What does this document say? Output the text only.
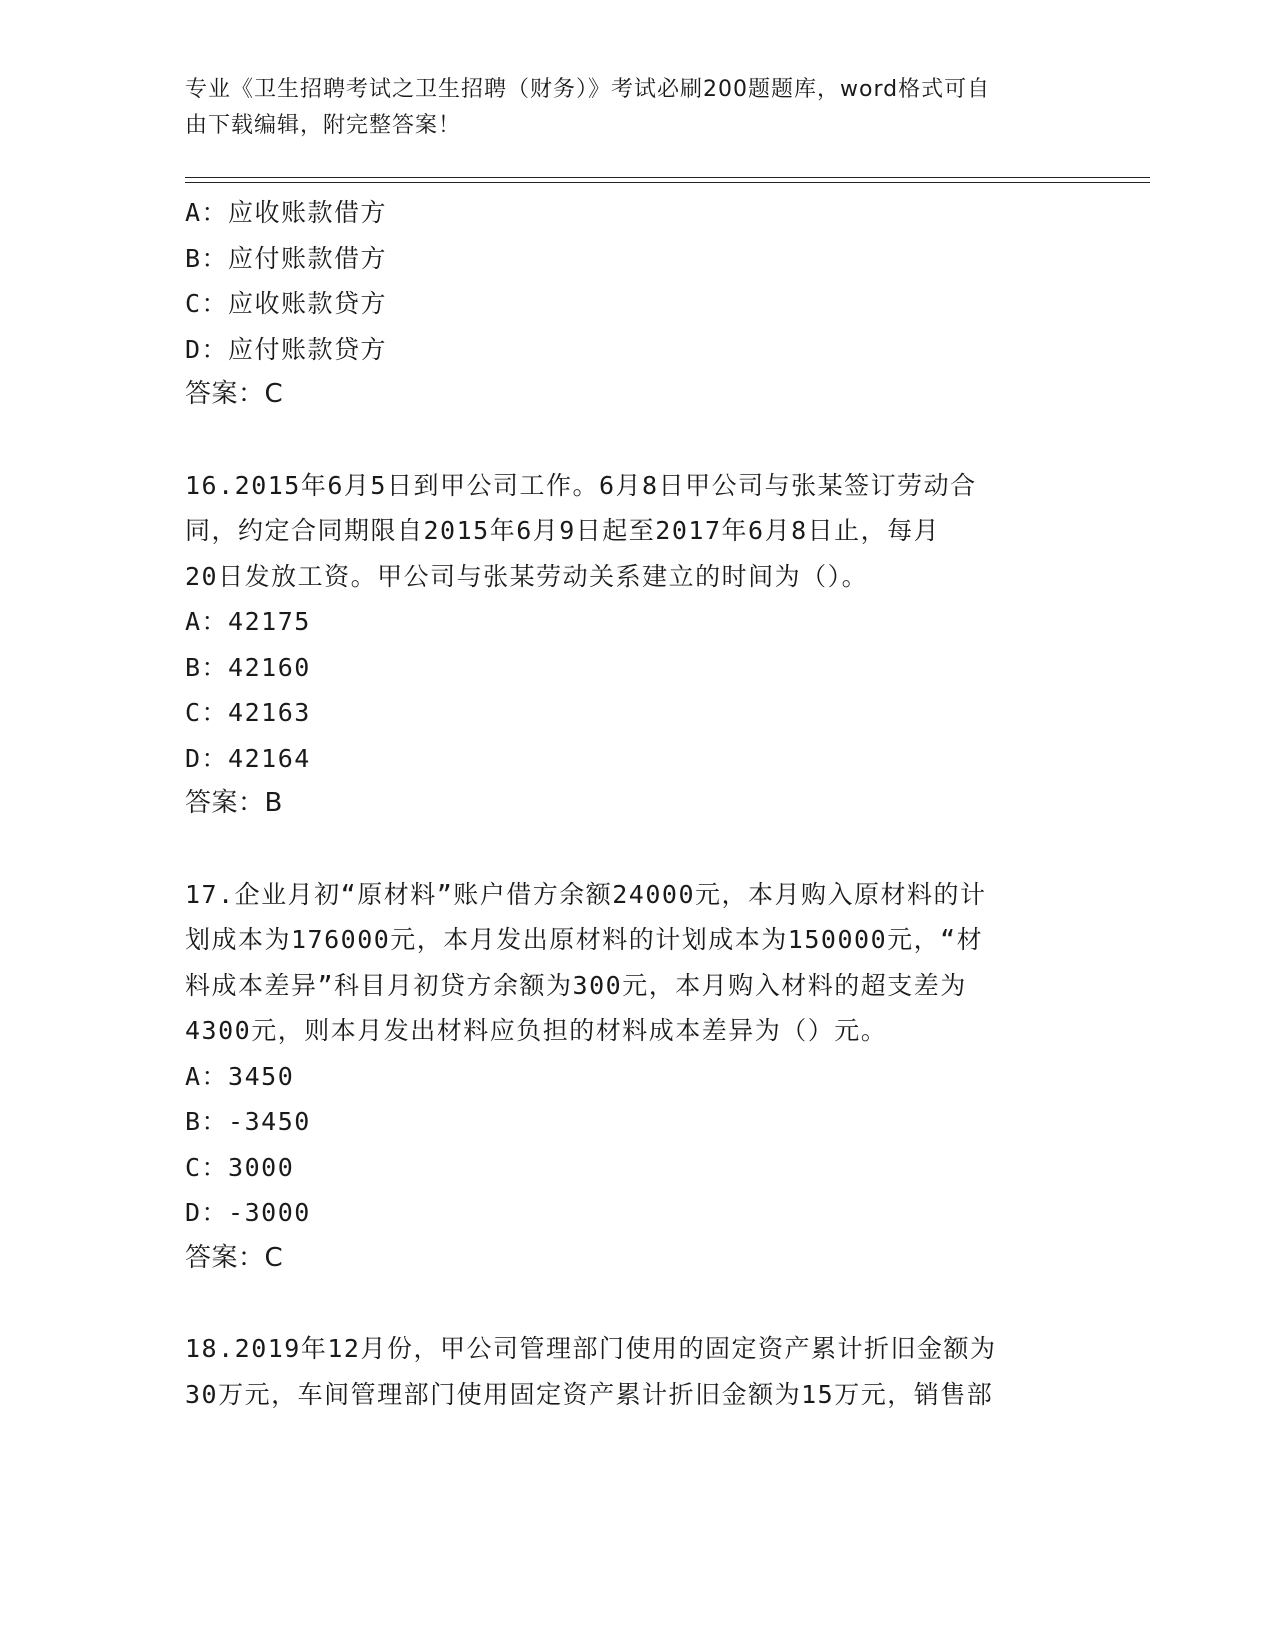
专业《卫生招聘考试之卫生招聘（财务）》考试必刷200题题库，word格式可自
由下载编辑，附完整答案！
A：应收账款借方
B：应付账款借方
C：应收账款贷方
D：应付账款贷方
答案：C
16.2015年6月5日到甲公司工作。6月8日甲公司与张某签订劳动合
同，约定合同期限自2015年6月9日起至2017年6月8日止，每月
20日发放工资。甲公司与张某劳动关系建立的时间为（）。
A：42175
B：42160
C：42163
D：42164
答案：B
17.企业月初“原材料”账户借方余额24000元，本月购入原材料的计
划成本为176000元，本月发出原材料的计划成本为150000元，“材
料成本差异”科目月初贷方余额为300元，本月购入材料的超支差为
4300元，则本月发出材料应负担的材料成本差异为（）元。
A：3450
B：-3450
C：3000
D：-3000
答案：C
18.2019年12月份，甲公司管理部门使用的固定资产累计折旧金额为
30万元，车间管理部门使用固定资产累计折旧金额为15万元，销售部
